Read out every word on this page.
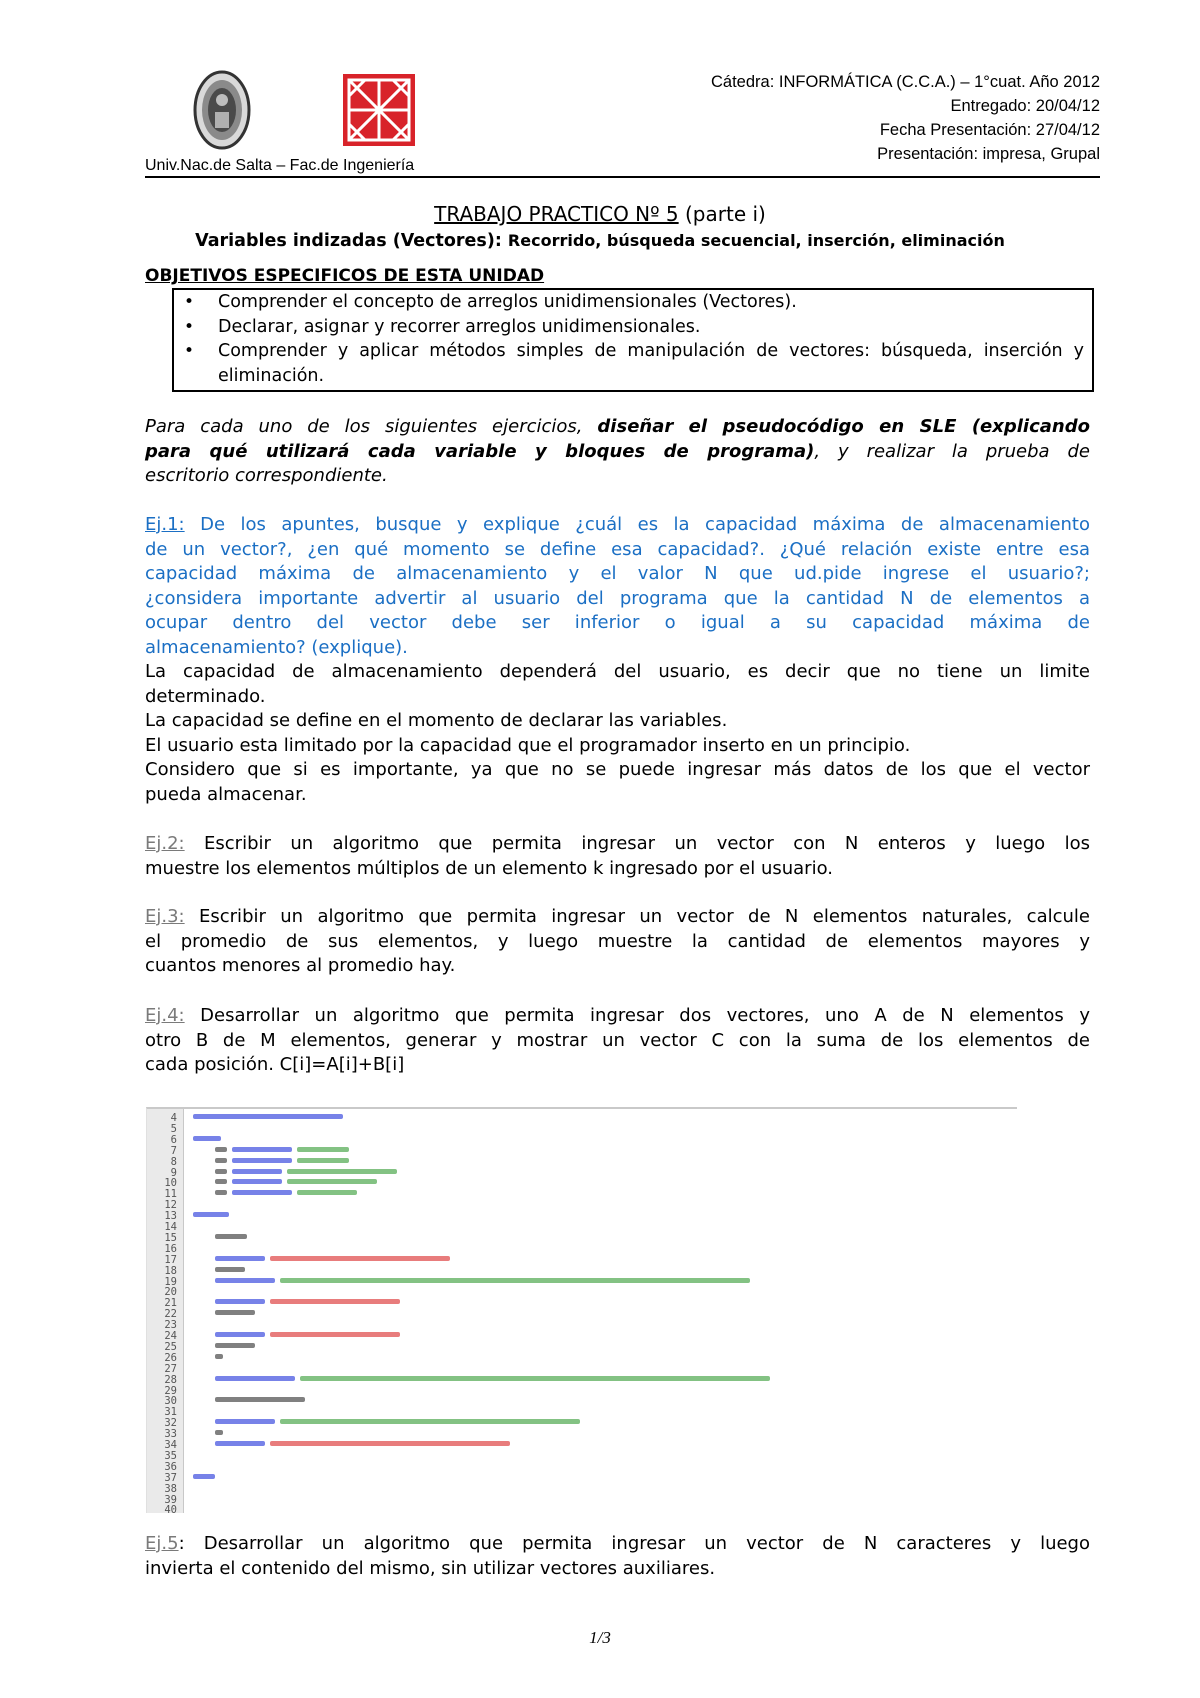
Univ.Nac.de Salta – Fac.de Ingeniería
Cátedra: INFORMÁTICA (C.C.A.) – 1°cuat. Año 2012
Entregado: 20/04/12
Fecha Presentación: 27/04/12
Presentación: impresa, Grupal
TRABAJO PRACTICO Nº 5 (parte i)
Variables indizadas (Vectores): Recorrido, búsqueda secuencial, inserción, eliminación
OBJETIVOS ESPECIFICOS DE ESTA UNIDAD
• Comprender el concepto de arreglos unidimensionales (Vectores).
• Declarar, asignar y recorrer arreglos unidimensionales.
• Comprender y aplicar métodos simples de manipulación de vectores: búsqueda, inserción y eliminación.
Para cada uno de los siguientes ejercicios, diseñar el pseudocódigo en SLE (explicando
para qué utilizará cada variable y bloques de programa), y realizar la prueba de
escritorio correspondiente.
Ej.1: De los apuntes, busque y explique ¿cuál es la capacidad máxima de almacenamiento
de un vector?, ¿en qué momento se define esa capacidad?. ¿Qué relación existe entre esa
capacidad máxima de almacenamiento y el valor N que ud.pide ingrese el usuario?;
¿considera importante advertir al usuario del programa que la cantidad N de elementos a
ocupar dentro del vector debe ser inferior o igual a su capacidad máxima de
almacenamiento? (explique).
La capacidad de almacenamiento dependerá del usuario, es decir que no tiene un limite
determinado.
La capacidad se define en el momento de declarar las variables.
El usuario esta limitado por la capacidad que el programador inserto en un principio.
Considero que si es importante, ya que no se puede ingresar más datos de los que el vector
pueda almacenar.
Ej.2: Escribir un algoritmo que permita ingresar un vector con N enteros y luego los
muestre los elementos múltiplos de un elemento k ingresado por el usuario.
Ej.3: Escribir un algoritmo que permita ingresar un vector de N elementos naturales, calcule
el promedio de sus elementos, y luego muestre la cantidad de elementos mayores y
cuantos menores al promedio hay.
Ej.4: Desarrollar un algoritmo que permita ingresar dos vectores, uno A de N elementos y
otro B de M elementos, generar y mostrar un vector C con la suma de los elementos de
cada posición. C[i]=A[i]+B[i]
4
5
6
7
8
9
10
11
12
13
14
15
16
17
18
19
20
21
22
23
24
25
26
27
28
29
30
31
32
33
34
35
36
37
38
39
40
Ej.5: Desarrollar un algoritmo que permita ingresar un vector de N caracteres y luego
invierta el contenido del mismo, sin utilizar vectores auxiliares.
1/3
